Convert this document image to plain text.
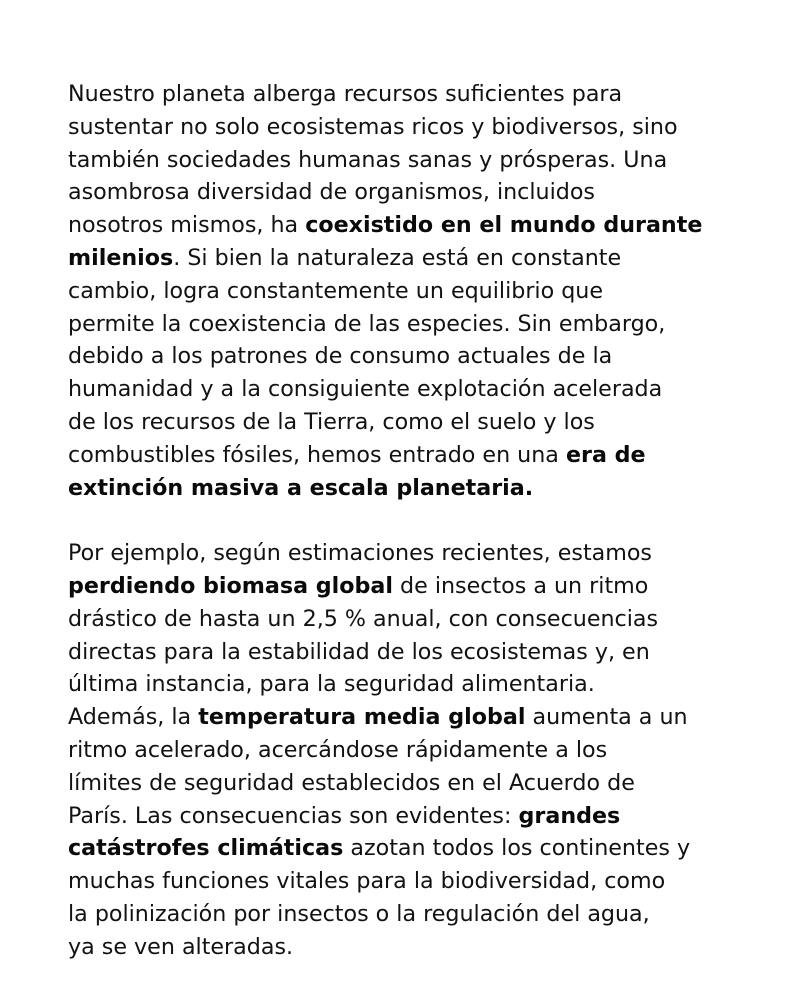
Nuestro planeta alberga recursos suficientes para
sustentar no solo ecosistemas ricos y biodiversos, sino
también sociedades humanas sanas y prósperas. Una
asombrosa diversidad de organismos, incluidos
nosotros mismos, ha coexistido en el mundo durante
milenios. Si bien la naturaleza está en constante
cambio, logra constantemente un equilibrio que
permite la coexistencia de las especies. Sin embargo,
debido a los patrones de consumo actuales de la
humanidad y a la consiguiente explotación acelerada
de los recursos de la Tierra, como el suelo y los
combustibles fósiles, hemos entrado en una era de
extinción masiva a escala planetaria.

Por ejemplo, según estimaciones recientes, estamos
perdiendo biomasa global de insectos a un ritmo
drástico de hasta un 2,5 % anual, con consecuencias
directas para la estabilidad de los ecosistemas y, en
última instancia, para la seguridad alimentaria.
Además, la temperatura media global aumenta a un
ritmo acelerado, acercándose rápidamente a los
límites de seguridad establecidos en el Acuerdo de
París. Las consecuencias son evidentes: grandes
catástrofes climáticas azotan todos los continentes y
muchas funciones vitales para la biodiversidad, como
la polinización por insectos o la regulación del agua,
ya se ven alteradas.
